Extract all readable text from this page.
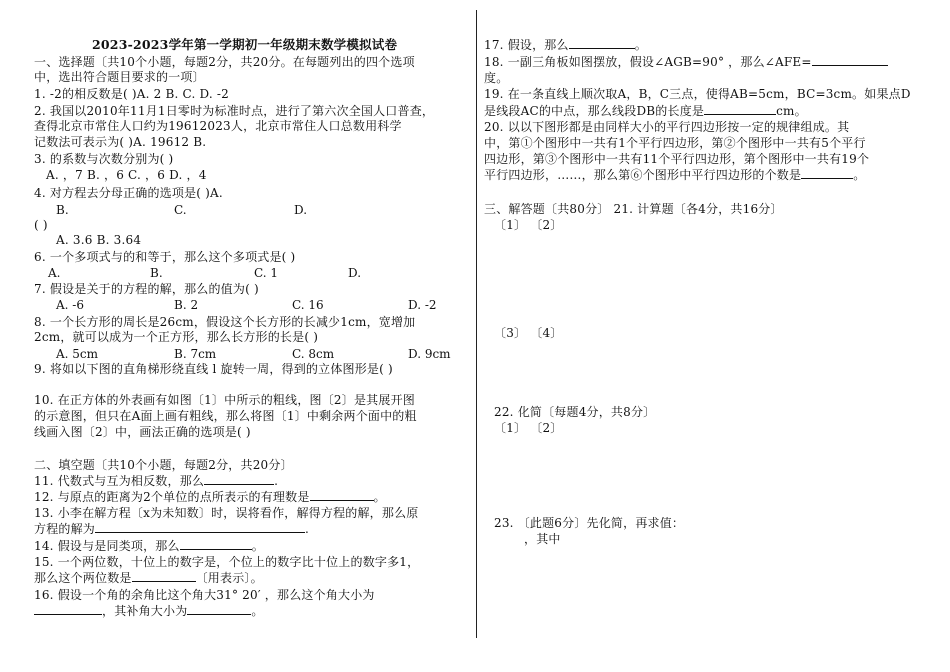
2023-2023学年第一学期初一年级期末数学模拟试卷
一、选择题〔共10个小题，每题2分，共20分。在每题列出的四个选项
中，选出符合题目要求的一项〕
1. -2的相反数是( )A. 2 B. C. D. -2
2. 我国以2010年11月1日零时为标准时点，进行了第六次全国人口普查，
查得北京市常住人口约为19612023人，北京市常住人口总数用科学
记数法可表示为( )A. 19612 B.
3. 的系数与次数分别为( )
A. ，7 B. ，6 C. ，6 D. ，4
4. 对方程去分母正确的选项是( )A.
B.	C.	D.
( )
A. 3.6 B. 3.64
6. 一个多项式与的和等于，那么这个多项式是( )
A.	B.	C. 1	D.
7. 假设是关于的方程的解，那么的值为( )
A. -6	B. 2	C. 16	D. -2
8. 一个长方形的周长是26cm，假设这个长方形的长减少1cm，宽增加
2cm，就可以成为一个正方形，那么长方形的长是( )
A. 5cm	B. 7cm	C. 8cm	D. 9cm
9. 将如以下图的直角梯形绕直线 l 旋转一周，得到的立体图形是( )
10. 在正方体的外表画有如图〔1〕中所示的粗线，图〔2〕是其展开图
的示意图，但只在A面上画有粗线，那么将图〔1〕中剩余两个面中的粗
线画入图〔2〕中，画法正确的选项是( )
二、填空题〔共10个小题，每题2分，共20分〕
11. 代数式与互为相反数，那么	.
12. 与原点的距离为2个单位的点所表示的有理数是	。
13. 小李在解方程〔x为未知数〕时，误将看作，解得方程的解，那么原
方程的解为	.
14. 假设与是同类项，那么	。
15. 一个两位数，十位上的数字是，个位上的数字比十位上的数字多1，
那么这个两位数是	〔用表示〕。
16. 假设一个角的余角比这个角大31° 20′ ，那么这个角大小为
，其补角大小为	。
17. 假设，那么	。
18. 一副三角板如图摆放，假设∠AGB=90° ，那么∠AFE=
度。
19. 在一条直线上顺次取A，B，C三点，使得AB=5cm，BC=3cm。如果点D
是线段AC的中点，那么线段DB的长度是	cm。
20. 以以下图形都是由同样大小的平行四边形按一定的规律组成。其
中，第①个图形中一共有1个平行四边形，第②个图形中一共有5个平行
四边形，第③个图形中一共有11个平行四边形，第个图形中一共有19个
平行四边形，……，那么第⑥个图形中平行四边形的个数是	。
三、解答题〔共80分〕 21. 计算题〔各4分，共16分〕
〔1〕 〔2〕
〔3〕 〔4〕
22. 化简〔每题4分，共8分〕
〔1〕 〔2〕
23. 〔此题6分〕先化简，再求值：
，其中
